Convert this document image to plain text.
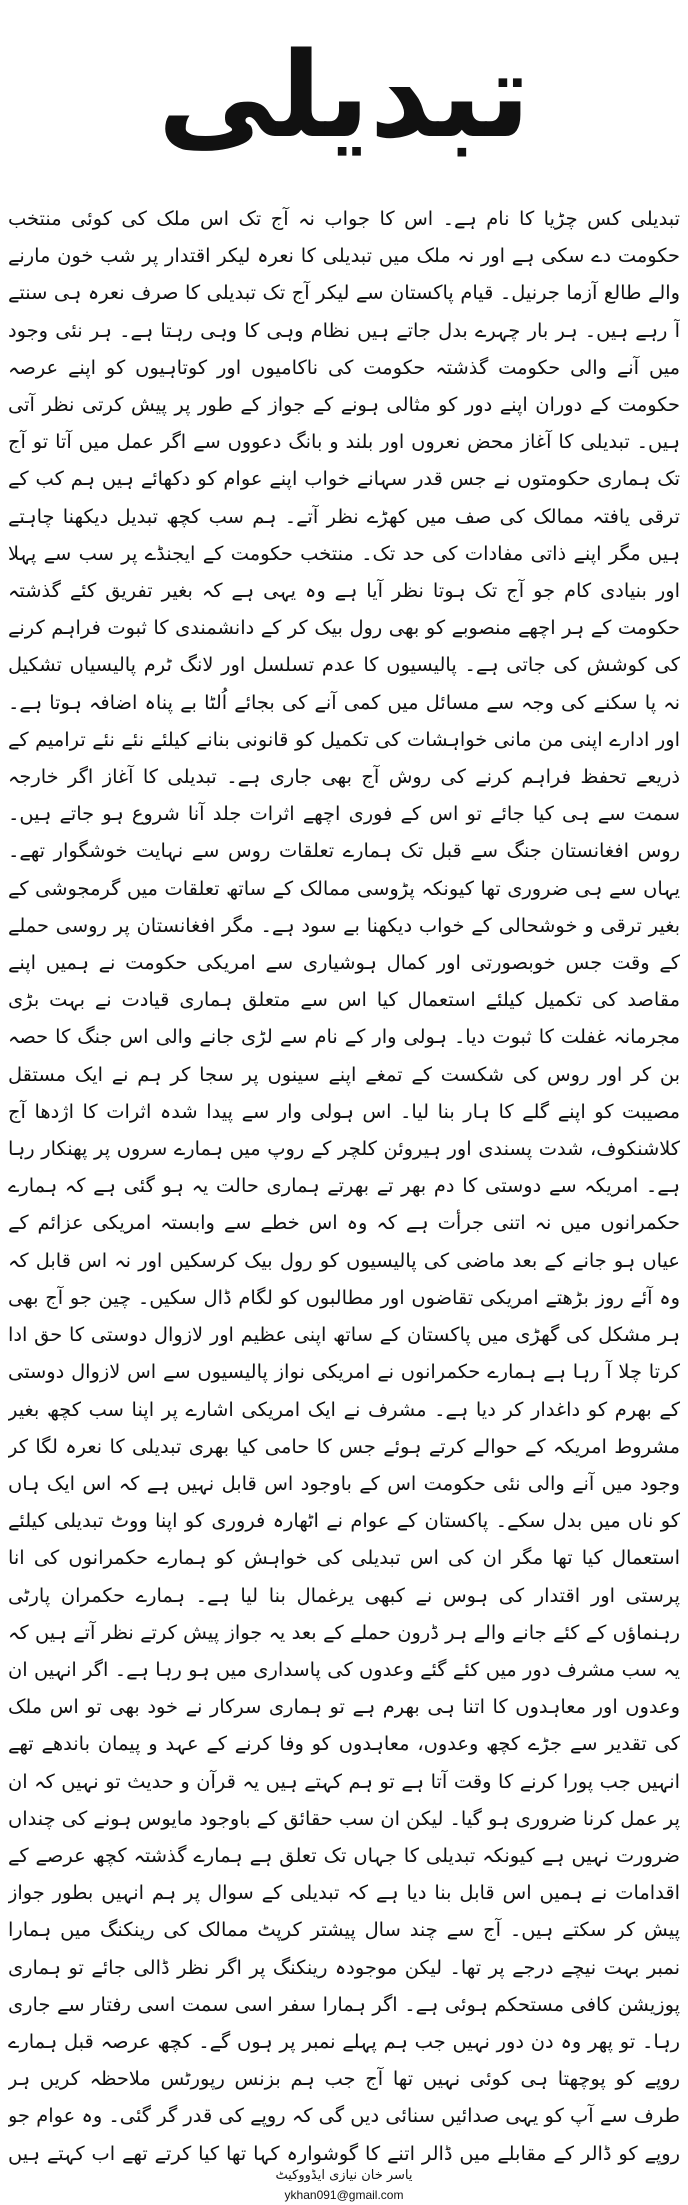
تبدیلی

تبدیلی کس چڑیا کا نام ہے۔ اس کا جواب نہ آج تک اس ملک کی کوئی منتخب حکومت دے سکی ہے اور نہ ملک میں تبدیلی کا نعرہ لیکر اقتدار پر شب خون مارنے والے طالع آزما جرنیل۔ قیام پاکستان سے لیکر آج تک تبدیلی کا صرف نعرہ ہی سنتے آ رہے ہیں۔ ہر بار چہرے بدل جاتے ہیں نظام وہی کا وہی رہتا ہے۔ ہر نئی وجود میں آنے والی حکومت گذشتہ حکومت کی ناکامیوں اور کوتاہیوں کو اپنے عرصہ حکومت کے دوران اپنے دور کو مثالی ہونے کے جواز کے طور پر پیش کرتی نظر آتی ہیں۔ تبدیلی کا آغاز محض نعروں اور بلند و بانگ دعووں سے اگر عمل میں آتا تو آج تک ہماری حکومتوں نے جس قدر سہانے خواب اپنے عوام کو دکھائے ہیں ہم کب کے ترقی یافتہ ممالک کی صف میں کھڑے نظر آتے۔ ہم سب کچھ تبدیل دیکھنا چاہتے ہیں مگر اپنے ذاتی مفادات کی حد تک۔ منتخب حکومت کے ایجنڈے پر سب سے پہلا اور بنیادی کام جو آج تک ہوتا نظر آیا ہے وہ یہی ہے کہ بغیر تفریق کئے گذشتہ حکومت کے ہر اچھے منصوبے کو بھی رول بیک کر کے دانشمندی کا ثبوت فراہم کرنے کی کوشش کی جاتی ہے۔ پالیسیوں کا عدم تسلسل اور لانگ ٹرم پالیسیاں تشکیل نہ پا سکنے کی وجہ سے مسائل میں کمی آنے کی بجائے اُلٹا بے پناہ اضافہ ہوتا ہے۔ اور ادارے اپنی من مانی خواہشات کی تکمیل کو قانونی بنانے کیلئے نئے نئے ترامیم کے ذریعے تحفظ فراہم کرنے کی روش آج بھی جاری ہے۔ تبدیلی کا آغاز اگر خارجہ سمت سے ہی کیا جائے تو اس کے فوری اچھے اثرات جلد آنا شروع ہو جاتے ہیں۔ روس افغانستان جنگ سے قبل تک ہمارے تعلقات روس سے نہایت خوشگوار تھے۔ یہاں سے ہی ضروری تھا کیونکہ پڑوسی ممالک کے ساتھ تعلقات میں گرمجوشی کے بغیر ترقی و خوشحالی کے خواب دیکھنا بے سود ہے۔ مگر افغانستان پر روسی حملے کے وقت جس خوبصورتی اور کمال ہوشیاری سے امریکی حکومت نے ہمیں اپنے مقاصد کی تکمیل کیلئے استعمال کیا اس سے متعلق ہماری قیادت نے بہت بڑی مجرمانہ غفلت کا ثبوت دیا۔ ہولی وار کے نام سے لڑی جانے والی اس جنگ کا حصہ بن کر اور روس کی شکست کے تمغے اپنے سینوں پر سجا کر ہم نے ایک مستقل مصیبت کو اپنے گلے کا ہار بنا لیا۔ اس ہولی وار سے پیدا شدہ اثرات کا اژدھا آج کلاشنکوف، شدت پسندی اور ہیروئن کلچر کے روپ میں ہمارے سروں پر پھنکار رہا ہے۔ امریکہ سے دوستی کا دم بھر تے بھرتے ہماری حالت یہ ہو گئی ہے کہ ہمارے حکمرانوں میں نہ اتنی جرأت ہے کہ وہ اس خطے سے وابستہ امریکی عزائم کے عیاں ہو جانے کے بعد ماضی کی پالیسیوں کو رول بیک کرسکیں اور نہ اس قابل کہ وہ آئے روز بڑھتے امریکی تقاضوں اور مطالبوں کو لگام ڈال سکیں۔ چین جو آج بھی ہر مشکل کی گھڑی میں پاکستان کے ساتھ اپنی عظیم اور لازوال دوستی کا حق ادا کرتا چلا آ رہا ہے ہمارے حکمرانوں نے امریکی نواز پالیسیوں سے اس لازوال دوستی کے بھرم کو داغدار کر دیا ہے۔ مشرف نے ایک امریکی اشارے پر اپنا سب کچھ بغیر مشروط امریکہ کے حوالے کرتے ہوئے جس کا حامی کیا بھری تبدیلی کا نعرہ لگا کر وجود میں آنے والی نئی حکومت اس کے باوجود اس قابل نہیں ہے کہ اس ایک ہاں کو ناں میں بدل سکے۔ پاکستان کے عوام نے اٹھارہ فروری کو اپنا ووٹ تبدیلی کیلئے استعمال کیا تھا مگر ان کی اس تبدیلی کی خواہش کو ہمارے حکمرانوں کی انا پرستی اور اقتدار کی ہوس نے کبھی یرغمال بنا لیا ہے۔ ہمارے حکمران پارٹی رہنماؤں کے کئے جانے والے ہر ڈرون حملے کے بعد یہ جواز پیش کرتے نظر آتے ہیں کہ یہ سب مشرف دور میں کئے گئے وعدوں کی پاسداری میں ہو رہا ہے۔ اگر انہیں ان وعدوں اور معاہدوں کا اتنا ہی بھرم ہے تو ہماری سرکار نے خود بھی تو اس ملک کی تقدیر سے جڑے کچھ وعدوں، معاہدوں کو وفا کرنے کے عہد و پیمان باندھے تھے انہیں جب پورا کرنے کا وقت آتا ہے تو ہم کہتے ہیں یہ قرآن و حدیث تو نہیں کہ ان پر عمل کرنا ضروری ہو گیا۔ لیکن ان سب حقائق کے باوجود مایوس ہونے کی چنداں ضرورت نہیں ہے کیونکہ تبدیلی کا جہاں تک تعلق ہے ہمارے گذشتہ کچھ عرصے کے اقدامات نے ہمیں اس قابل بنا دیا ہے کہ تبدیلی کے سوال پر ہم انہیں بطور جواز پیش کر سکتے ہیں۔ آج سے چند سال پیشتر کرپٹ ممالک کی رینکنگ میں ہمارا نمبر بہت نیچے درجے پر تھا۔ لیکن موجودہ رینکنگ پر اگر نظر ڈالی جائے تو ہماری پوزیشن کافی مستحکم ہوئی ہے۔ اگر ہمارا سفر اسی سمت اسی رفتار سے جاری رہا۔ تو پھر وہ دن دور نہیں جب ہم پہلے نمبر پر ہوں گے۔ کچھ عرصہ قبل ہمارے روپے کو پوچھتا ہی کوئی نہیں تھا آج جب ہم بزنس رپورٹس ملاحظہ کریں ہر طرف سے آپ کو یہی صدائیں سنائی دیں گی کہ روپے کی قدر گر گئی۔ وہ عوام جو روپے کو ڈالر کے مقابلے میں ڈالر اتنے کا گوشوارہ کہا تھا کیا کرتے تھے اب کہتے ہیں

یاسر خان نیازی ایڈووکیٹ
ykhan091@gmail.com
